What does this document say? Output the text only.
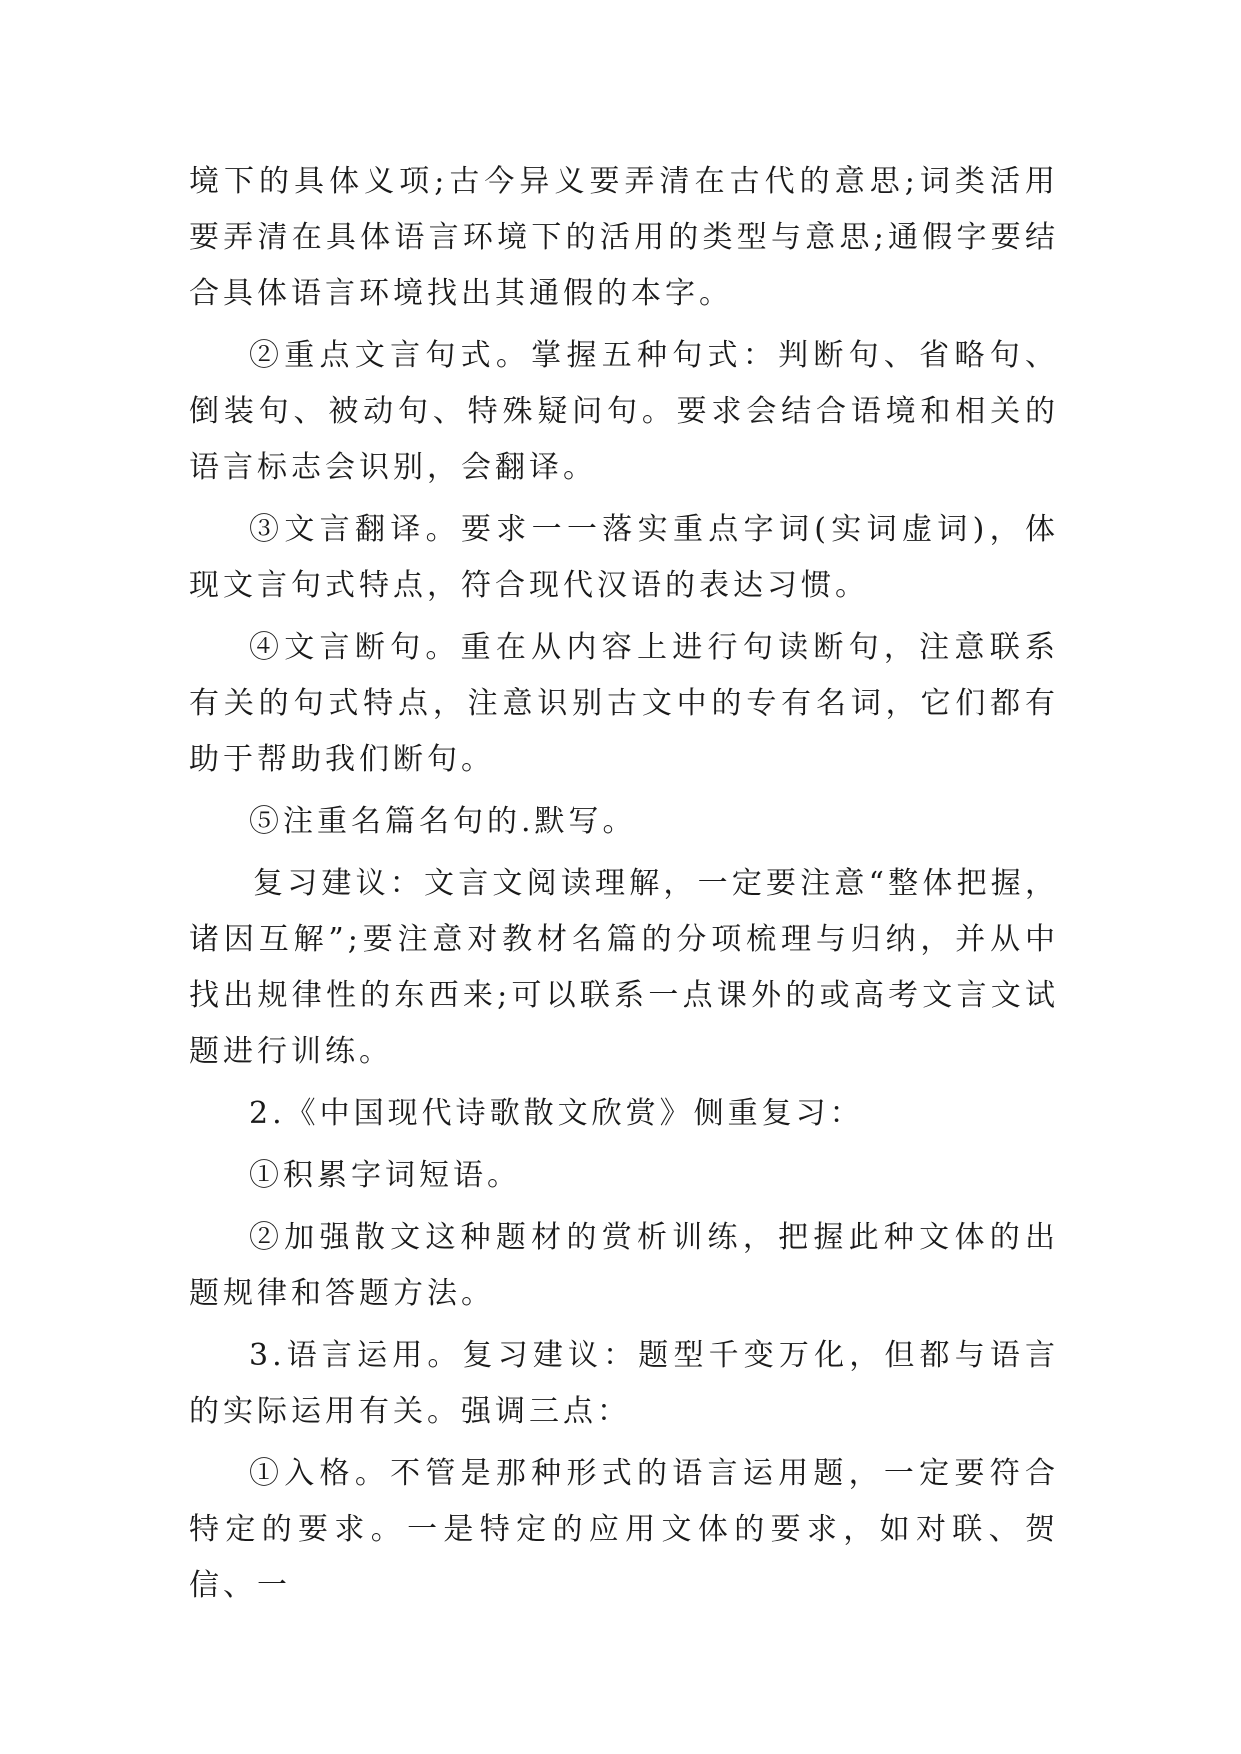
境下的具体义项;古今异义要弄清在古代的意思;词类活用要弄清在具体语言环境下的活用的类型与意思;通假字要结合具体语言环境找出其通假的本字。

②重点文言句式。掌握五种句式：判断句、省略句、倒装句、被动句、特殊疑问句。要求会结合语境和相关的语言标志会识别，会翻译。

③文言翻译。要求一一落实重点字词(实词虚词)，体现文言句式特点，符合现代汉语的表达习惯。

④文言断句。重在从内容上进行句读断句，注意联系有关的句式特点，注意识别古文中的专有名词，它们都有助于帮助我们断句。

⑤注重名篇名句的.默写。

复习建议：文言文阅读理解，一定要注意“整体把握，诸因互解”;要注意对教材名篇的分项梳理与归纳，并从中找出规律性的东西来;可以联系一点课外的或高考文言文试题进行训练。

2.《中国现代诗歌散文欣赏》侧重复习：

①积累字词短语。

②加强散文这种题材的赏析训练，把握此种文体的出题规律和答题方法。

3.语言运用。复习建议：题型千变万化，但都与语言的实际运用有关。强调三点：

①入格。不管是那种形式的语言运用题，一定要符合特定的要求。一是特定的应用文体的要求，如对联、贺信、一
